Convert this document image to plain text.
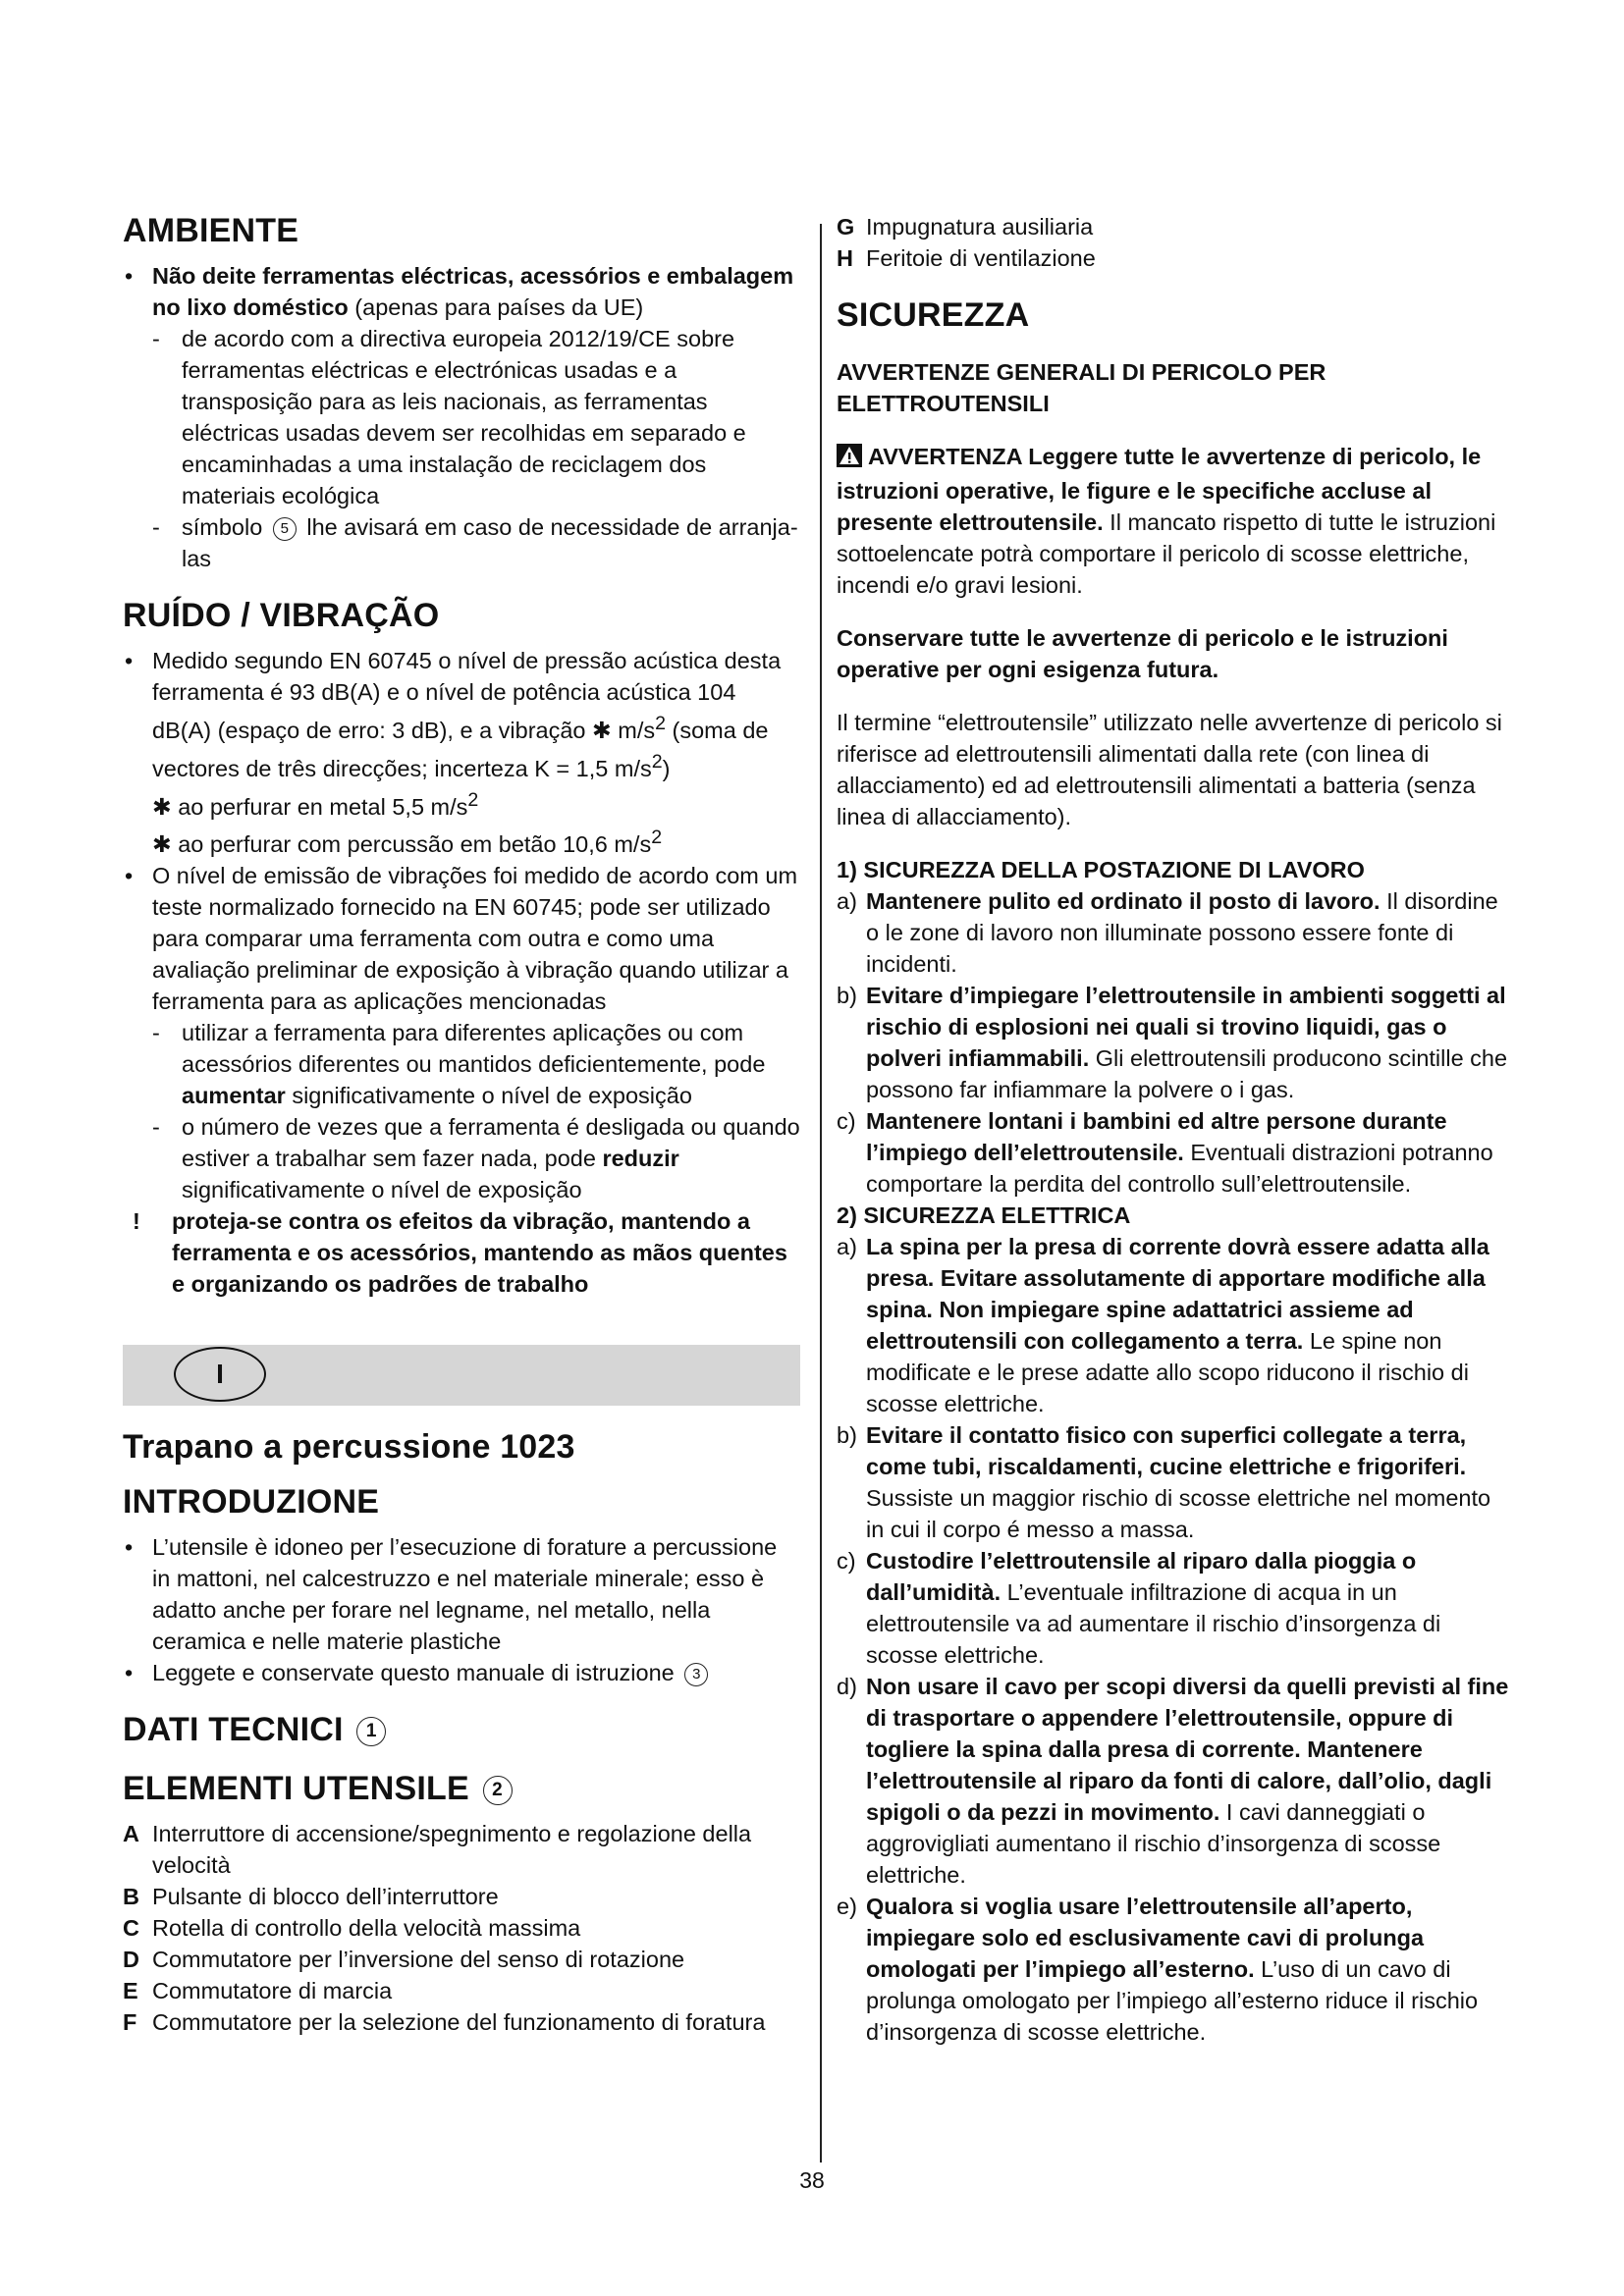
AMBIENTE
• Não deite ferramentas eléctricas, acessórios e embalagem no lixo doméstico (apenas para países da UE)
- de acordo com a directiva europeia 2012/19/CE sobre ferramentas eléctricas e electrónicas usadas e a transposição para as leis nacionais, as ferramentas eléctricas usadas devem ser recolhidas em separado e encaminhadas a uma instalação de reciclagem dos materiais ecológica
- símbolo 5 lhe avisará em caso de necessidade de arranja-las
RUÍDO / VIBRAÇÃO
• Medido segundo EN 60745 o nível de pressão acústica desta ferramenta é 93 dB(A) e o nível de potência acústica 104 dB(A) (espaço de erro: 3 dB), e a vibração ✱ $m/s^2$ (soma de vectores de três direcções; incerteza K = 1,5 $m/s^2$)
✱ ao perfurar en metal 5,5 $m/s^2$
✱ ao perfurar com percussão em betão 10,6 $m/s^2$
• O nível de emissão de vibrações foi medido de acordo com um teste normalizado fornecido na EN 60745; pode ser utilizado para comparar uma ferramenta com outra e como uma avaliação preliminar de exposição à vibração quando utilizar a ferramenta para as aplicações mencionadas
- utilizar a ferramenta para diferentes aplicações ou com acessórios diferentes ou mantidos deficientemente, pode aumentar significativamente o nível de exposição
- o número de vezes que a ferramenta é desligada ou quando estiver a trabalhar sem fazer nada, pode reduzir significativamente o nível de exposição
! proteja-se contra os efeitos da vibração, mantendo a ferramenta e os acessórios, mantendo as mãos quentes e organizando os padrões de trabalho
I
Trapano a percussione 1023
INTRODUZIONE
• L’utensile è idoneo per l’esecuzione di forature a percussione in mattoni, nel calcestruzzo e nel materiale minerale; esso è adatto anche per forare nel legname, nel metallo, nella ceramica e nelle materie plastiche
• Leggete e conservate questo manuale di istruzione 3
DATI TECNICI 1
ELEMENTI UTENSILE 2
A Interruttore di accensione/spegnimento e regolazione della velocità
B Pulsante di blocco dell’interruttore
C Rotella di controllo della velocità massima
D Commutatore per l’inversione del senso di rotazione
E Commutatore di marcia
F Commutatore per la selezione del funzionamento di foratura
G Impugnatura ausiliaria
H Feritoie di ventilazione
SICUREZZA

AVVERTENZE GENERALI DI PERICOLO PER ELETTROUTENSILI

AVVERTENZA Leggere tutte le avvertenze di pericolo, le istruzioni operative, le figure e le specifiche accluse al presente elettroutensile. Il mancato rispetto di tutte le istruzioni sottoelencate potrà comportare il pericolo di scosse elettriche, incendi e/o gravi lesioni.

Conservare tutte le avvertenze di pericolo e le istruzioni operative per ogni esigenza futura.

Il termine “elettroutensile” utilizzato nelle avvertenze di pericolo si riferisce ad elettroutensili alimentati dalla rete (con linea di allacciamento) ed ad elettroutensili alimentati a batteria (senza linea di allacciamento).

1) SICUREZZA DELLA POSTAZIONE DI LAVORO

a) Mantenere pulito ed ordinato il posto di lavoro. Il disordine o le zone di lavoro non illuminate possono essere fonte di incidenti.
b) Evitare d’impiegare l’elettroutensile in ambienti soggetti al rischio di esplosioni nei quali si trovino liquidi, gas o polveri infiammabili. Gli elettroutensili producono scintille che possono far infiammare la polvere o i gas.
c) Mantenere lontani i bambini ed altre persone durante l’impiego dell’elettroutensile. Eventuali distrazioni potranno comportare la perdita del controllo sull’elettroutensile.

2) SICUREZZA ELETTRICA

a) La spina per la presa di corrente dovrà essere adatta alla presa. Evitare assolutamente di apportare modifiche alla spina. Non impiegare spine adattatrici assieme ad elettroutensili con collegamento a terra. Le spine non modificate e le prese adatte allo scopo riducono il rischio di scosse elettriche.
b) Evitare il contatto fisico con superfici collegate a terra, come tubi, riscaldamenti, cucine elettriche e frigoriferi. Sussiste un maggior rischio di scosse elettriche nel momento in cui il corpo é messo a massa.
c) Custodire l’elettroutensile al riparo dalla pioggia o dall’umidità. L’eventuale infiltrazione di acqua in un elettroutensile va ad aumentare il rischio d’insorgenza di scosse elettriche.
d) Non usare il cavo per scopi diversi da quelli previsti al fine di trasportare o appendere l’elettroutensile, oppure di togliere la spina dalla presa di corrente. Mantenere l’elettroutensile al riparo da fonti di calore, dall’olio, dagli spigoli o da pezzi in movimento. I cavi danneggiati o aggrovigliati aumentano il rischio d’insorgenza di scosse elettriche.
e) Qualora si voglia usare l’elettroutensile all’aperto, impiegare solo ed esclusivamente cavi di prolunga omologati per l’impiego all’esterno. L’uso di un cavo di prolunga omologato per l’impiego all’esterno riduce il rischio d’insorgenza di scosse elettriche.
38
